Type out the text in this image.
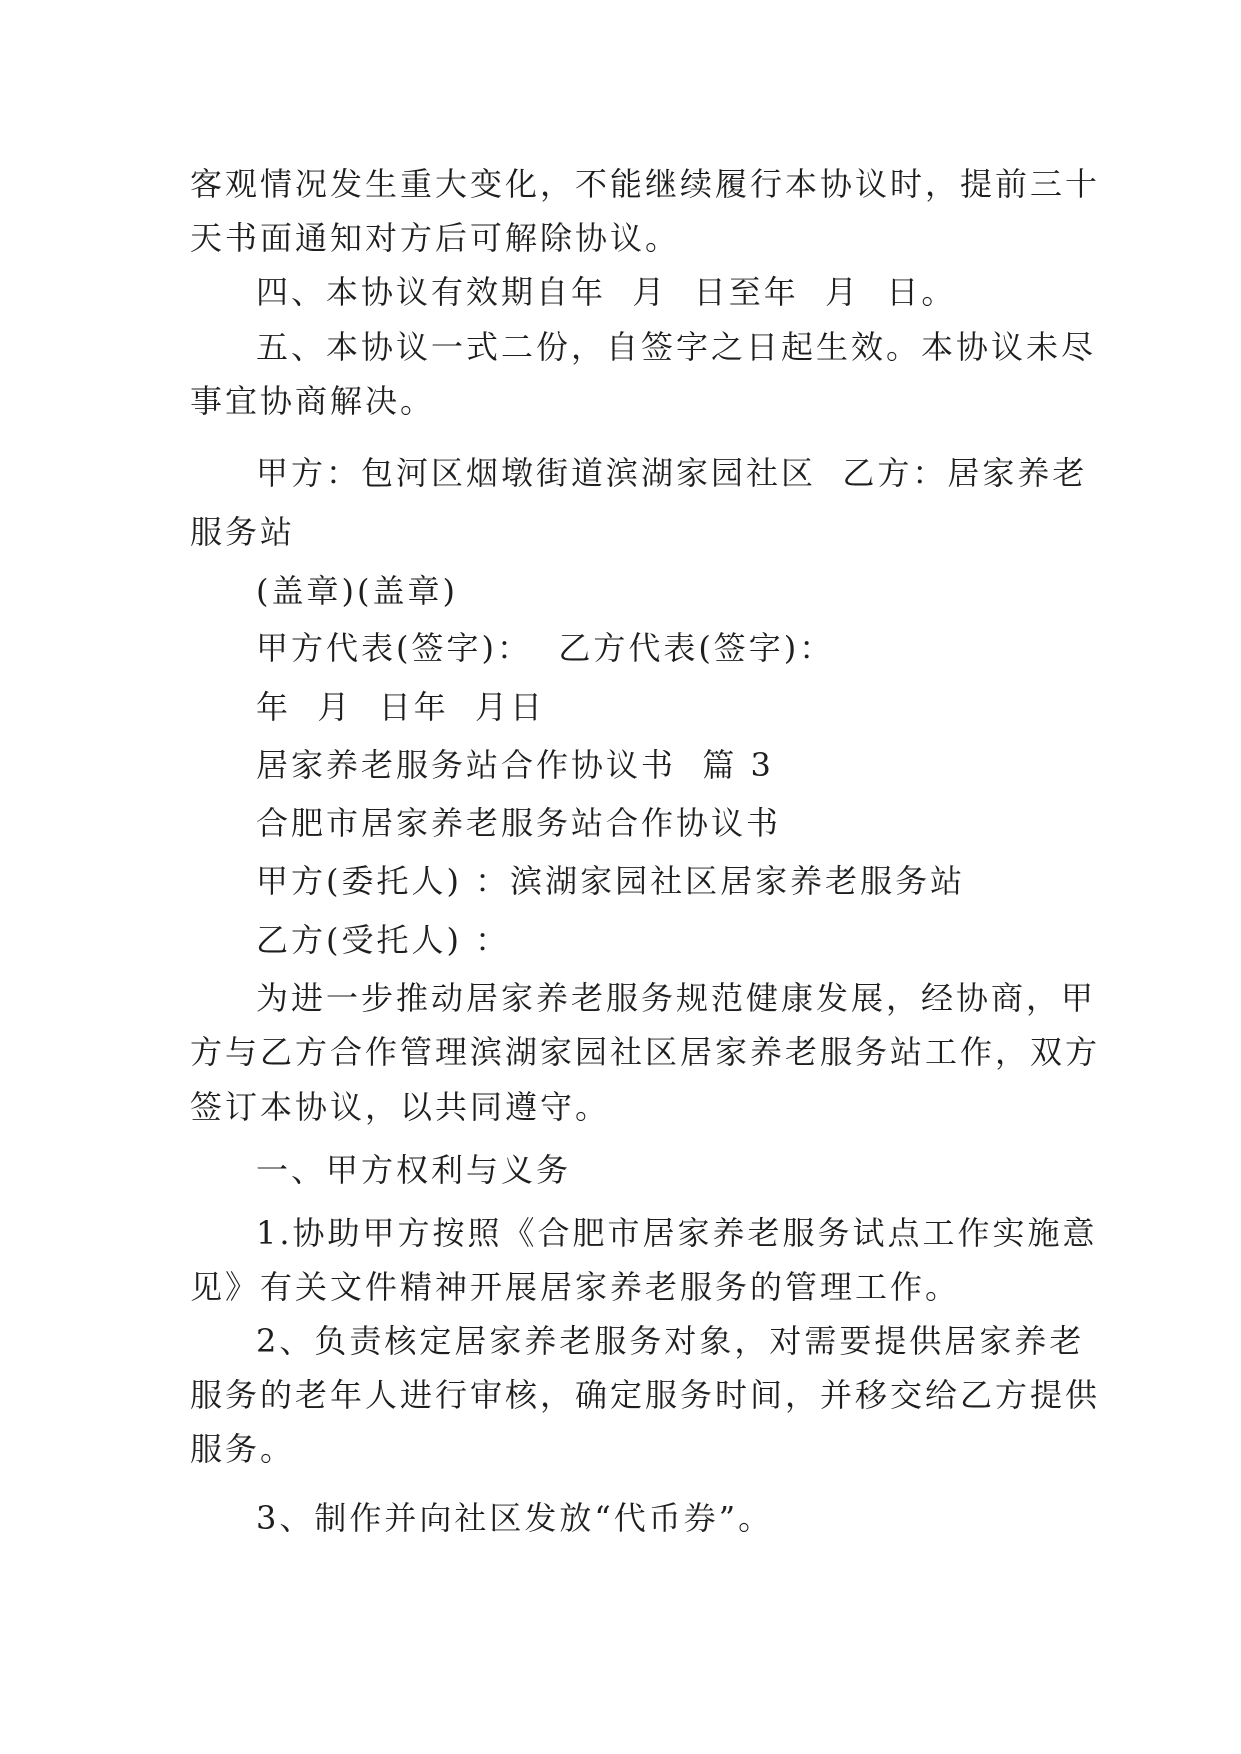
客观情况发生重大变化，不能继续履行本协议时，提前三十
天书面通知对方后可解除协议。
四、本协议有效期自年  月  日至年  月  日。
五、本协议一式二份，自签字之日起生效。本协议未尽
事宜协商解决。
甲方：包河区烟墩街道滨湖家园社区  乙方：居家养老
服务站
(盖章)(盖章)
甲方代表(签字)：  乙方代表(签字)：
年  月  日年  月日
居家养老服务站合作协议书  篇 3
合肥市居家养老服务站合作协议书
甲方(委托人) ：滨湖家园社区居家养老服务站
乙方(受托人) ：
为进一步推动居家养老服务规范健康发展，经协商，甲
方与乙方合作管理滨湖家园社区居家养老服务站工作，双方
签订本协议，以共同遵守。
一、甲方权利与义务
1.协助甲方按照《合肥市居家养老服务试点工作实施意
见》有关文件精神开展居家养老服务的管理工作。
2、负责核定居家养老服务对象，对需要提供居家养老
服务的老年人进行审核，确定服务时间，并移交给乙方提供
服务。
3、制作并向社区发放“代币券”。
